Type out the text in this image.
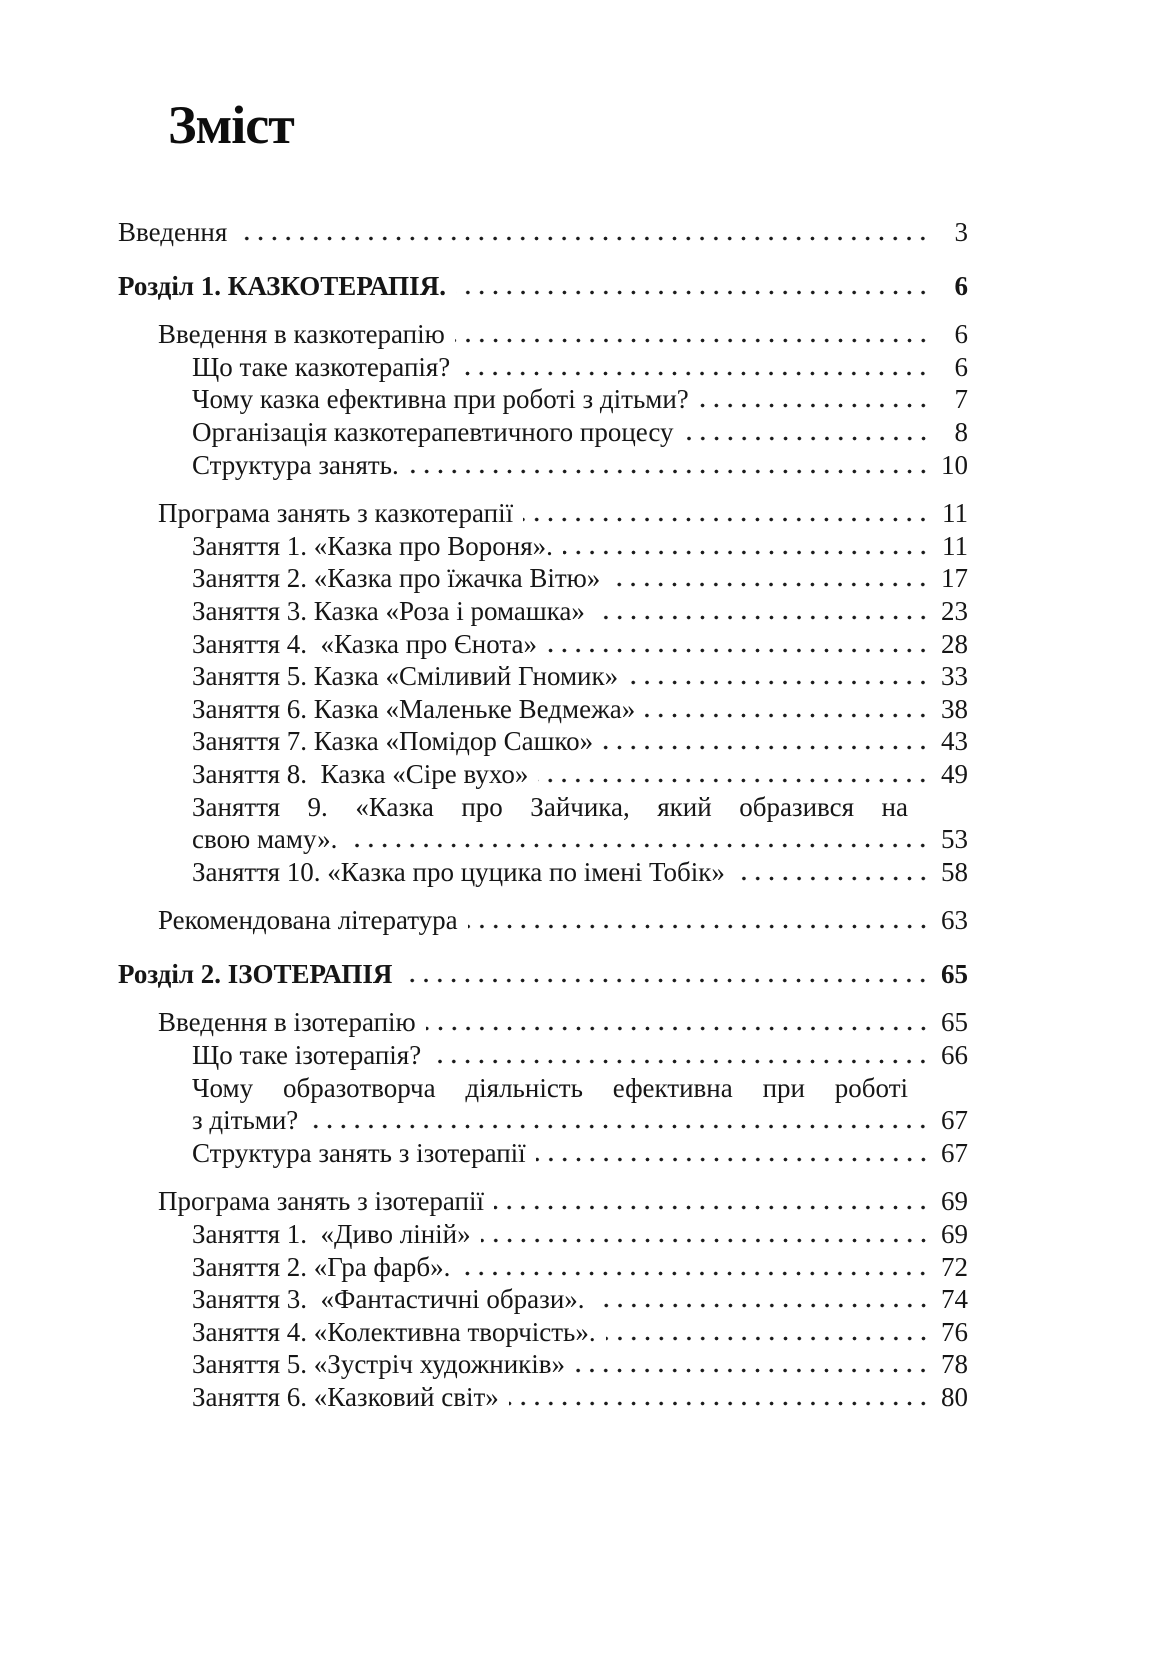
Зміст
Введення	3
Розділ 1. КАЗКОТЕРАПІЯ.	6
Введення в казкотерапію	6
Що таке казкотерапія?	6
Чому казка ефективна при роботі з дітьми?	7
Організація казкотерапевтичного процесу	8
Структура занять.	10
Програма занять з казкотерапії	11
Заняття 1. «Казка про Вороня».	11
Заняття 2. «Казка про їжачка Вітю»	17
Заняття 3. Казка «Роза і ромашка»	23
Заняття 4.  «Казка про Єнота»	28
Заняття 5. Казка «Сміливий Гномик»	33
Заняття 6. Казка «Маленьке Ведмежа»	38
Заняття 7. Казка «Помідор Сашко»	43
Заняття 8.  Казка «Сіре вухо»	49
Заняття 9. «Казка про Зайчика, який образився на
свою маму».	53
Заняття 10. «Казка про цуцика по імені Тобік»	58
Рекомендована література	63
Розділ 2. ІЗОТЕРАПІЯ	65
Введення в ізотерапію	65
Що таке ізотерапія?	66
Чому образотворча діяльність ефективна при роботі
з дітьми?	67
Структура занять з ізотерапії	67
Програма занять з ізотерапії	69
Заняття 1.  «Диво ліній»	69
Заняття 2. «Гра фарб».	72
Заняття 3.  «Фантастичні образи».	74
Заняття 4. «Колективна творчість».	76
Заняття 5. «Зустріч художників»	78
Заняття 6. «Казковий світ»	80
